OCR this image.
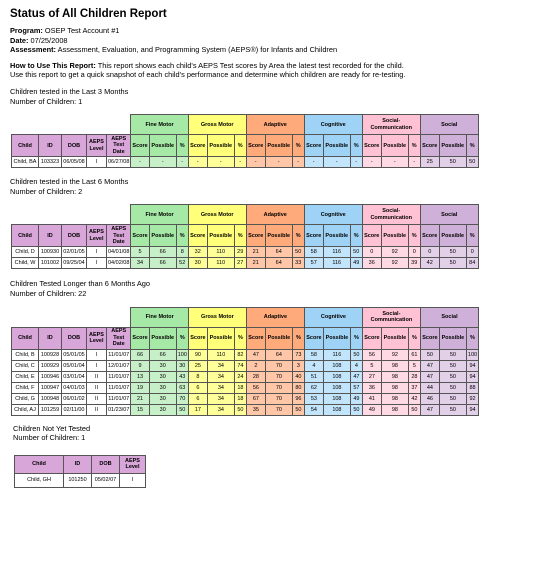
Status of All Children Report
Program: OSEP Test Account #1
Date: 07/25/2008
Assessment: Assessment, Evaluation, and Programming System (AEPS®) for Infants and Children
How to Use This Report: This report shows each child's AEPS Test scores by Area the latest test recorded for the child.
Use this report to get a quick snapshot of each child's performance and determine which children are ready for re-testing.
Children tested in the Last 3 Months
Number of Children: 1
					Fine Motor			Gross Motor			Adaptive			Cognitive			Social-Communication			Social		
Child	ID	DOB	AEPS Level	AEPS Test Date	Score	Possible	%	Score	Possible	%	Score	Possible	%	Score	Possible	%	Score	Possible	%	Score	Possible	%
Child, BA	103323	06/05/08	I	06/27/08	-	-	-	-	-	-	-	-	-	-	-	-	-	-	-	25	50	50
Children tested in the Last 6 Months
Number of Children: 2
					Fine Motor			Gross Motor			Adaptive			Cognitive			Social-Communication			Social		
Child	ID	DOB	AEPS Level	AEPS Test Date	Score	Possible	%	Score	Possible	%	Score	Possible	%	Score	Possible	%	Score	Possible	%	Score	Possible	%
Child, D	100930	02/01/05	I	04/01/08	5	66	8	32	110	29	21	64	50	58	116	50	0	92	0	0	50	0
Child, W	101002	09/25/04	I	04/02/08	34	66	52	30	110	27	21	64	33	57	116	49	36	92	39	42	50	84
Children Tested Longer than 6 Months Ago
Number of Children: 22
					Fine Motor			Gross Motor			Adaptive			Cognitive			Social-Communication			Social		
Child	ID	DOB	AEPS Level	AEPS Test Date	Score	Possible	%	Score	Possible	%	Score	Possible	%	Score	Possible	%	Score	Possible	%	Score	Possible	%
Child, B	100928	05/01/05	I	11/01/07	66	66	100	90	110	82	47	64	73	58	116	50	56	92	61	50	50	100
Child, C	100929	05/01/04	I	12/01/07	9	30	30	25	34	74	2	70	3	4	108	4	5	98	5	47	50	94
Child, E	100946	03/01/04	II	11/01/07	13	30	43	8	34	24	28	70	40	51	108	47	27	98	28	47	50	94
Child, F	100947	04/01/03	II	11/01/07	19	30	63	6	34	18	56	70	80	62	108	57	36	98	37	44	50	88
Child, G	100948	06/01/02	II	11/01/07	21	30	70	6	34	18	67	70	96	53	108	49	41	98	42	46	50	92
Child, AJ	101259	02/11/00	II	01/23/07	15	30	50	17	34	50	35	70	50	54	108	50	49	98	50	47	50	94
Children Not Yet Tested
Number of Children: 1
Child	ID	DOB	AEPS Level
Child, GH	101250	05/02/07	I
